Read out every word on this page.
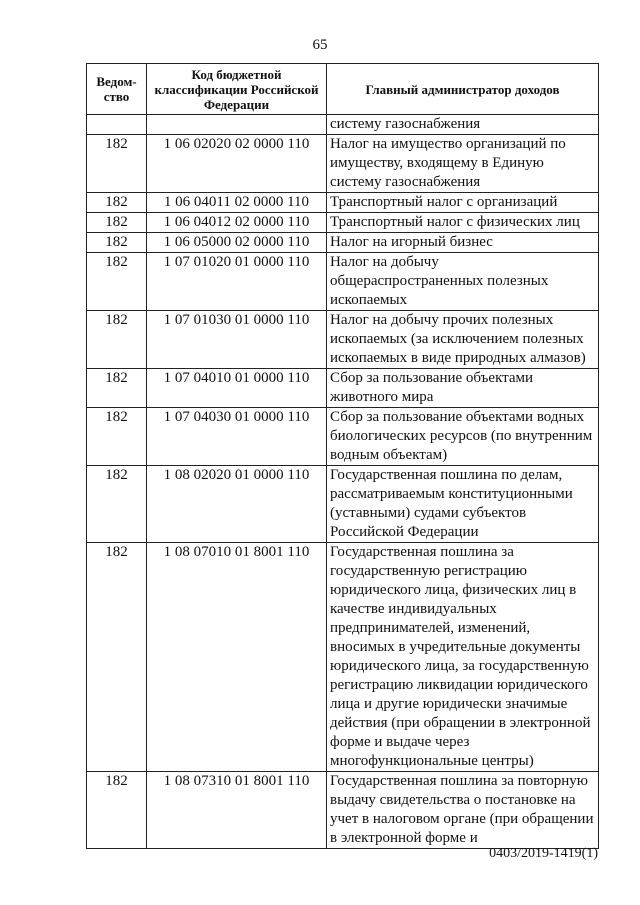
65
Ведом-ство	Код бюджетной классификации Российской Федерации	Главный администратор доходов
		систему газоснабжения
182	1 06 02020 02 0000 110	Налог на имущество организаций по имуществу, входящему в Единую систему газоснабжения
182	1 06 04011 02 0000 110	Транспортный налог с организаций
182	1 06 04012 02 0000 110	Транспортный налог с физических лиц
182	1 06 05000 02 0000 110	Налог на игорный бизнес
182	1 07 01020 01 0000 110	Налог на добычу общераспространенных полезных ископаемых
182	1 07 01030 01 0000 110	Налог на добычу прочих полезных ископаемых (за исключением полезных ископаемых в виде природных алмазов)
182	1 07 04010 01 0000 110	Сбор за пользование объектами животного мира
182	1 07 04030 01 0000 110	Сбор за пользование объектами водных биологических ресурсов (по внутренним водным объектам)
182	1 08 02020 01 0000 110	Государственная пошлина по делам, рассматриваемым конституционными (уставными) судами субъектов Российской Федерации
182	1 08 07010 01 8001 110	Государственная пошлина за государственную регистрацию юридического лица, физических лиц в качестве индивидуальных предпринимателей, изменений, вносимых в учредительные документы юридического лица, за государственную регистрацию ликвидации юридического лица и другие юридически значимые действия (при обращении в электронной форме и выдаче через многофункциональные центры)
182	1 08 07310 01 8001 110	Государственная пошлина за повторную выдачу свидетельства о постановке на учет в налоговом органе (при обращении в электронной форме и
0403/2019-1419(1)
